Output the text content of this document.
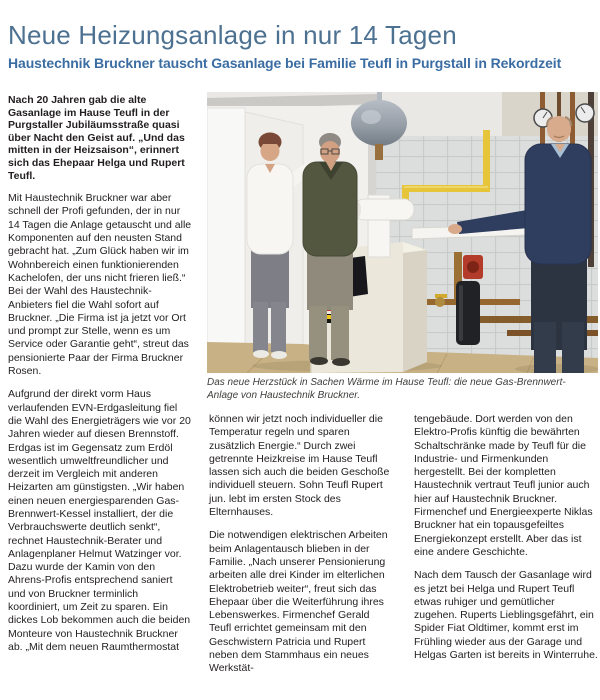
Neue Heizungsanlage in nur 14 Tagen
Haustechnik Bruckner tauscht Gasanlage bei Familie Teufl in Purgstall in Rekordzeit

Nach 20 Jahren gab die alte Gasanlage im Hause Teufl in der Purgstaller Jubiläumsstraße quasi über Nacht den Geist auf. „Und das mitten in der Heizsaison“, erinnert sich das Ehepaar Helga und Rupert Teufl.

Mit Haustechnik Bruckner war aber schnell der Profi gefunden, der in nur 14 Tagen die Anlage getauscht und alle Komponenten auf den neusten Stand gebracht hat. „Zum Glück haben wir im Wohnbereich einen funktionierenden Kachelofen, der uns nicht frieren ließ.“ Bei der Wahl des Haustechnik-Anbieters fiel die Wahl sofort auf Bruckner. „Die Firma ist ja jetzt vor Ort und prompt zur Stelle, wenn es um Service oder Garantie geht“, streut das pensionierte Paar der Firma Bruckner Rosen.

Aufgrund der direkt vorm Haus verlaufenden EVN-Erdgasleitung fiel die Wahl des Energieträgers wie vor 20 Jahren wieder auf diesen Brennstoff. Erdgas ist im Gegensatz zum Erdöl wesentlich umweltfreundlicher und derzeit im Vergleich mit anderen Heizarten am günstigsten. „Wir haben einen neuen energiesparenden Gas-Brennwert-Kessel installiert, der die Verbrauchswerte deutlich senkt“, rechnet Haustechnik-Berater und Anlagenplaner Helmut Watzinger vor. Dazu wurde der Kamin von den Ahrens-Profis entsprechend saniert und von Bruckner terminlich koordiniert, um Zeit zu sparen. Ein dickes Lob bekommen auch die beiden Monteure von Haustechnik Bruckner ab. „Mit dem neuen Raumthermostat

Das neue Herzstück in Sachen Wärme im Hause Teufl: die neue Gas-Brennwert-Anlage von Haustechnik Bruckner.

können wir jetzt noch individueller die Temperatur regeln und sparen zusätzlich Energie.“ Durch zwei getrennte Heizkreise im Hause Teufl lassen sich auch die beiden Geschoße individuell steuern. Sohn Teufl Rupert jun. lebt im ersten Stock des Elternhauses.

Die notwendigen elektrischen Arbeiten beim Anlagentausch blieben in der Familie. „Nach unserer Pensionierung arbeiten alle drei Kinder im elterlichen Elektrobetrieb weiter“, freut sich das Ehepaar über die Weiterführung ihres Lebenswerkes. Firmenchef Gerald Teufl errichtet gemeinsam mit den Geschwistern Patricia und Rupert neben dem Stammhaus ein neues Werkstät-

tengebäude. Dort werden von den Elektro-Profis künftig die bewährten Schaltschränke made by Teufl für die Industrie- und Firmenkunden hergestellt. Bei der kompletten Haustechnik vertraut Teufl junior auch hier auf Haustechnik Bruckner. Firmenchef und Energieexperte Niklas Bruckner hat ein topausgefeiltes Energiekonzept erstellt. Aber das ist eine andere Geschichte.

Nach dem Tausch der Gasanlage wird es jetzt bei Helga und Rupert Teufl etwas ruhiger und gemütlicher zugehen. Ruperts Lieblingsgefährt, ein Spider Fiat Oldtimer, kommt erst im Frühling wieder aus der Garage und Helgas Garten ist bereits in Winterruhe.
